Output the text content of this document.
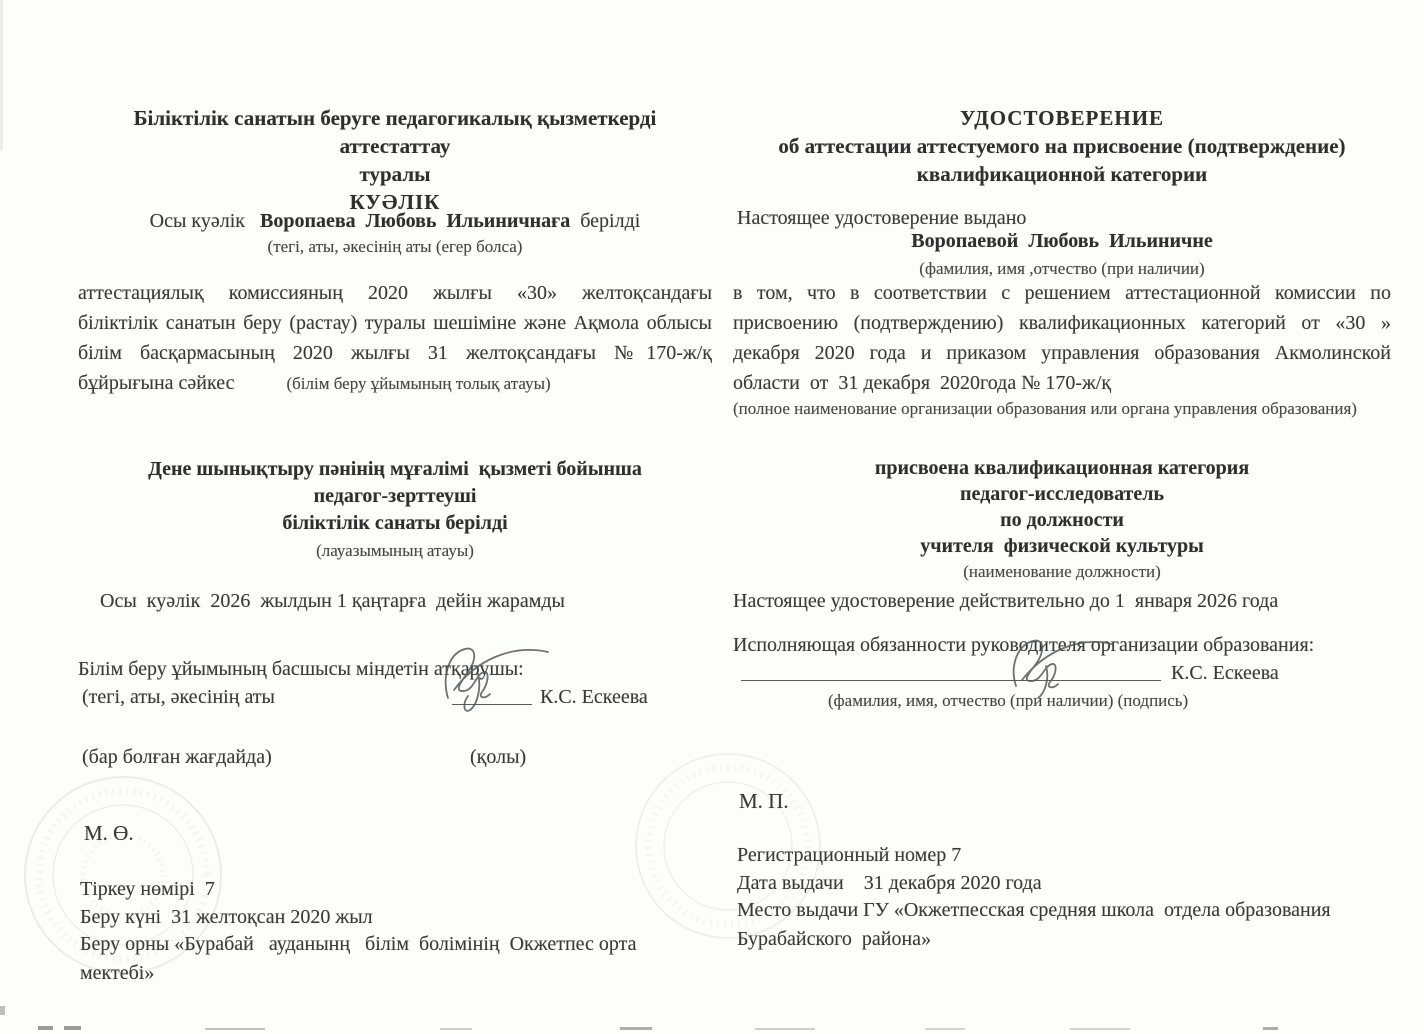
Біліктілік санатын беруге педагогикалық қызметкерді аттестаттау
туралы
КУӘЛІК
Осы куәлік Воропаева  Любовь  Ильиничнаға берілді
(тегі, аты, әкесінің аты (егер болса)
аттестациялық комиссияның 2020 жылғы «30» желтоқсандағы
біліктілік санатын беру (растау) туралы шешіміне және Ақмола облысы
білім басқармасының 2020 жылғы 31 желтоқсандағы №170-ж/қ
бұйрығына сәйкес	(білім беру ұйымының толық атауы)
Дене шынықтыру пәнінің мұғалімі  қызметі бойынша
педагог-зерттеуші
біліктілік санаты берілді
(лауазымының атауы)
Осы  куәлік  2026  жылдын 1 қаңтарға  дейін жарамды
Білім беру ұйымының басшысы міндетін атқарушы:
(тегі, аты, әкесінің аты	К.С. Ескеева
(бар болған жағдайда)	(қолы)
М. Ө.
Тіркеу нөмірі  7
Беру күні  31 желтоқсан 2020 жыл
Беру орны «Бурабай   ауданынң   білім  болімінің  Окжетпес орта
мектебі»
УДОСТОВЕРЕНИЕ
об аттестации аттестуемого на присвоение (подтверждение)
квалификационной категории
Настоящее удостоверение выдано
Воропаевой  Любовь  Ильиничне
(фамилия, имя ,отчество (при наличии)
в том, что в соответствии с решением аттестационной комиссии по
присвоению (подтверждению) квалификационных категорий от «30 »
декабря 2020 года и приказом управления образования Акмолинской
области  от  31 декабря  2020года № 170-ж/қ
(полное наименование организации образования или органа управления образования)
присвоена квалификационная категория
педагог-исследователь
по должности
учителя  физической культуры
(наименование должности)
Настоящее удостоверение действительно до 1  января 2026 года
Исполняющая обязанности руководителя организации образования:
К.С. Ескеева
(фамилия, имя, отчество (при наличии) (подпись)
М. П.
Регистрационный номер 7
Дата выдачи    31 декабря 2020 года
Место выдачи ГУ «Окжетпесская средняя школа  отдела образования
Бурабайского  района»
